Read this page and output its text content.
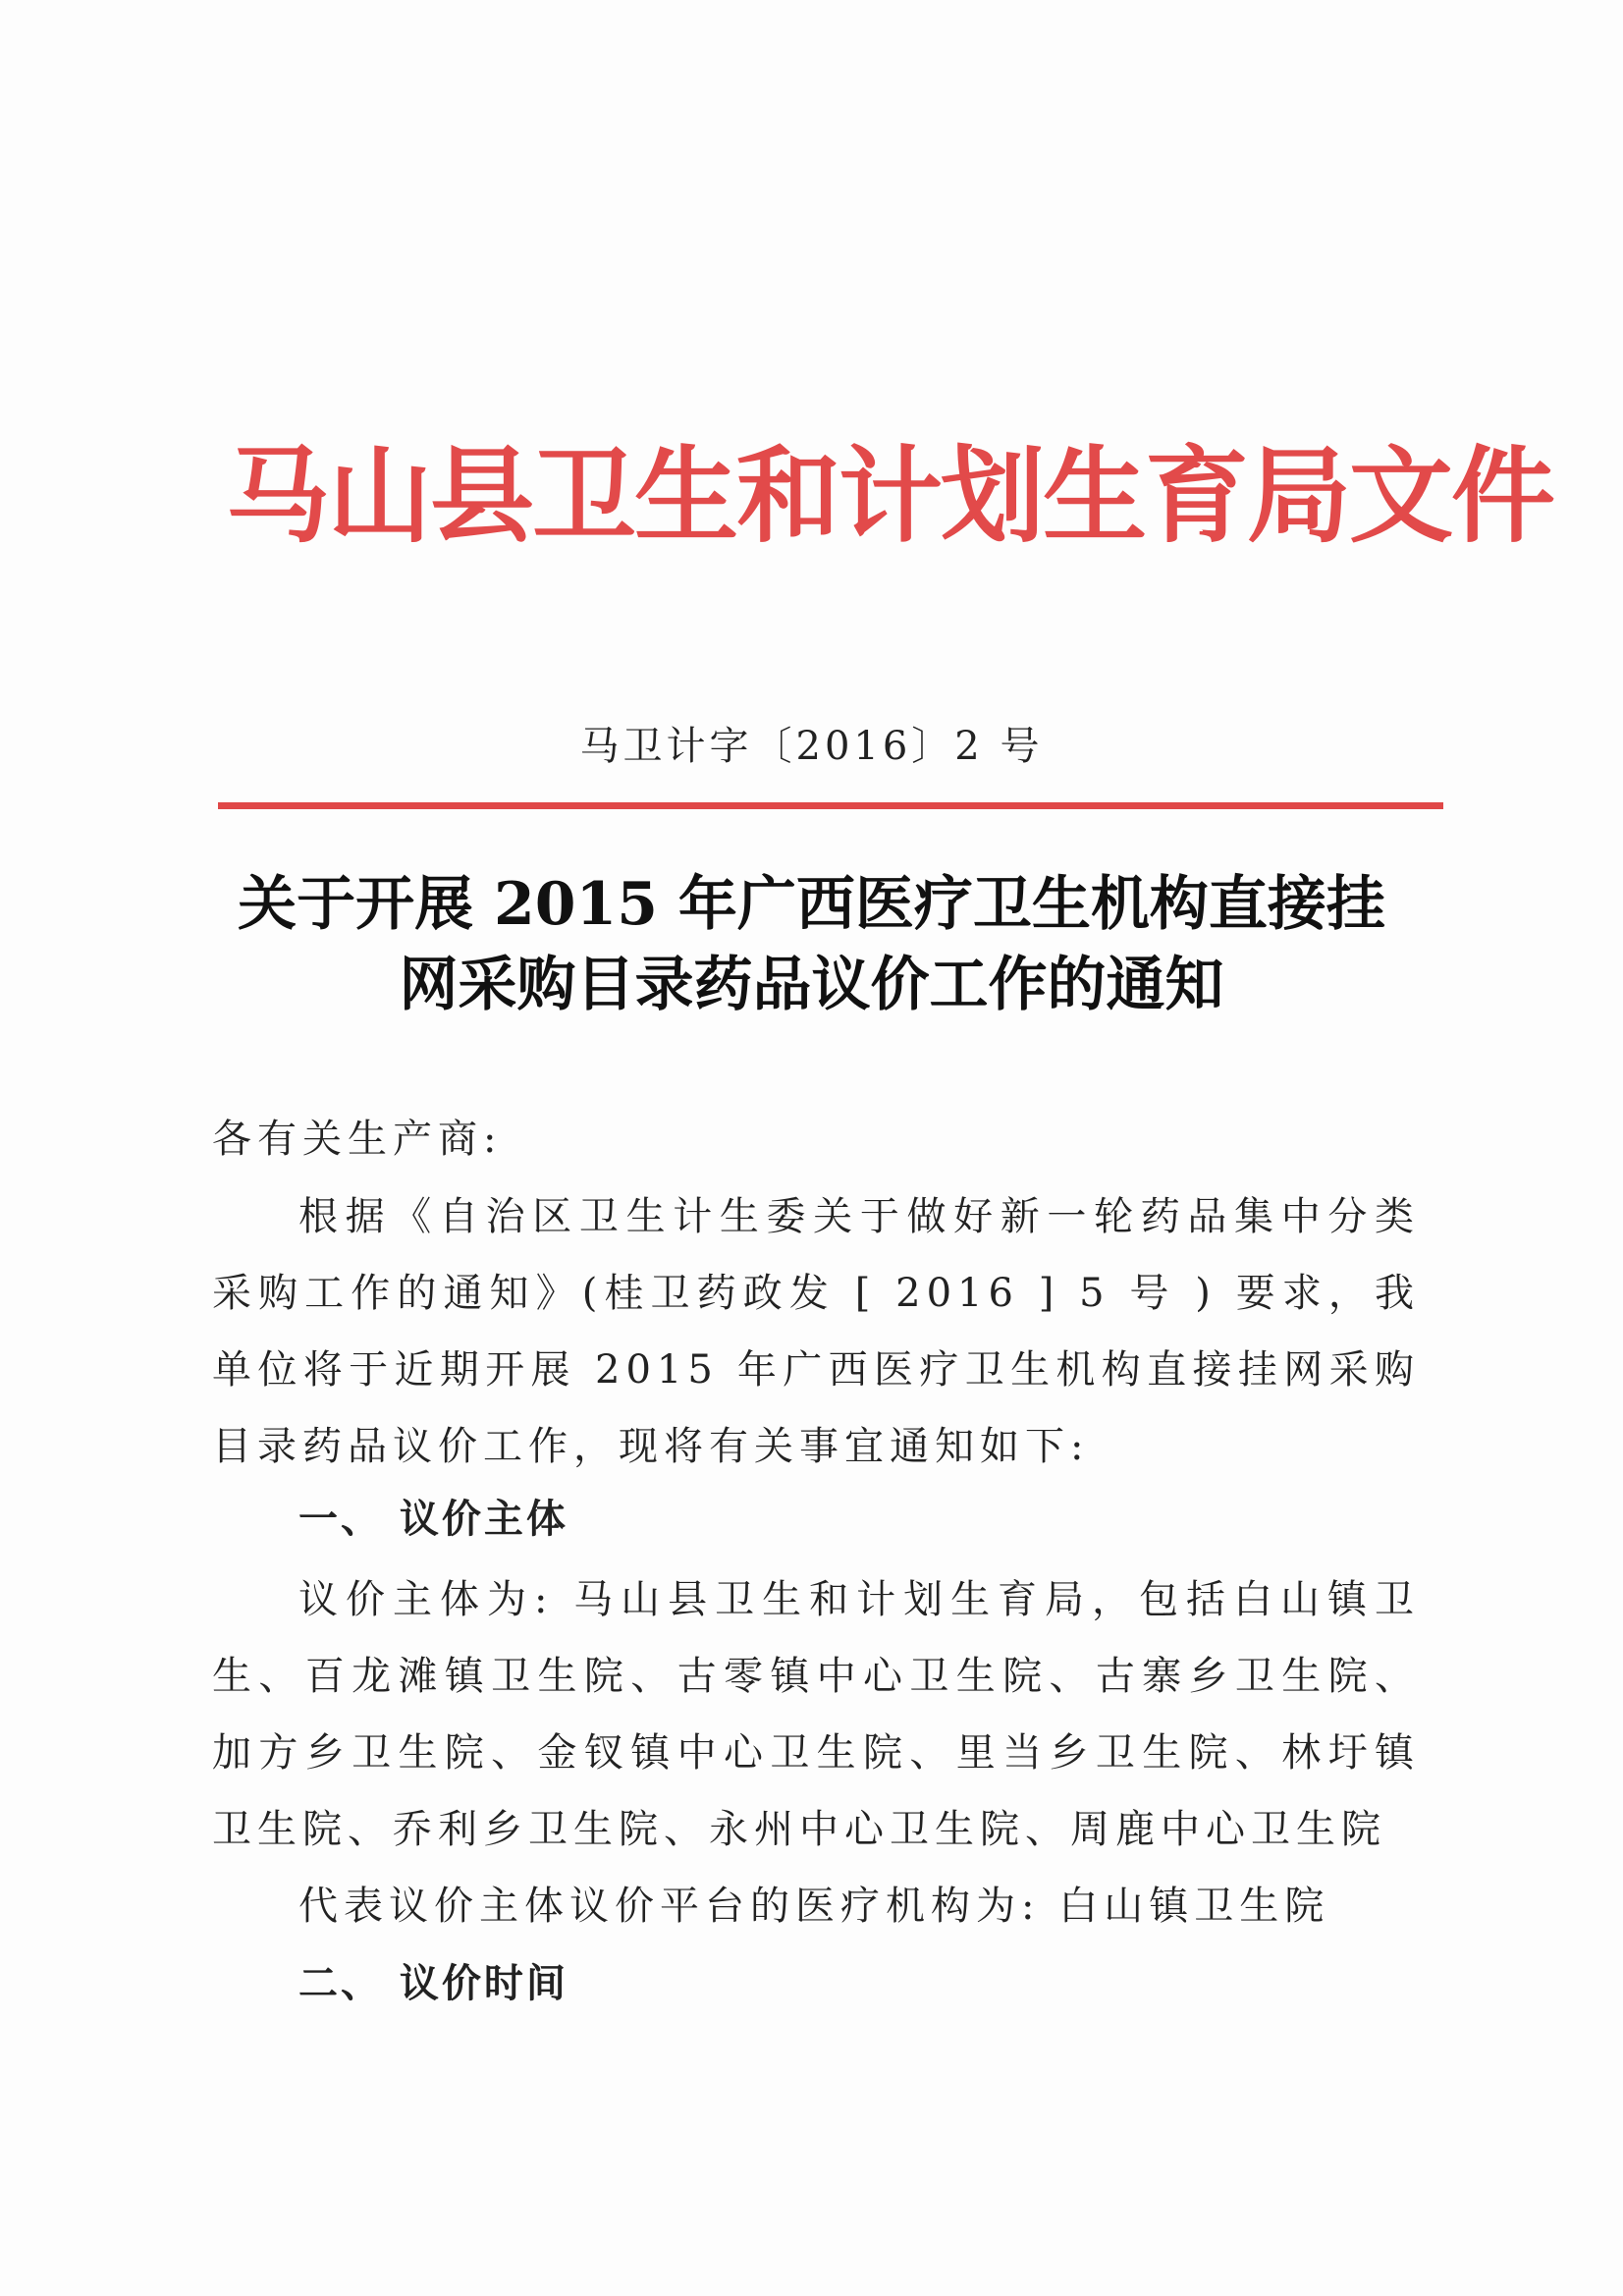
马山县卫生和计划生育局文件
马卫计字〔2016〕2 号
关于开展 2015 年广西医疗卫生机构直接挂
网采购目录药品议价工作的通知
各有关生产商:
根据《自治区卫生计生委关于做好新一轮药品集中分类采购工作的通知》(桂卫药政发 [ 2016 ] 5 号 ) 要求，我单位将于近期开展 2015 年广西医疗卫生机构直接挂网采购目录药品议价工作，现将有关事宜通知如下:
一、 议价主体
议价主体为: 马山县卫生和计划生育局，包括白山镇卫生、百龙滩镇卫生院、古零镇中心卫生院、古寨乡卫生院、加方乡卫生院、金钗镇中心卫生院、里当乡卫生院、林圩镇卫生院、乔利乡卫生院、永州中心卫生院、周鹿中心卫生院
代表议价主体议价平台的医疗机构为: 白山镇卫生院
二、 议价时间
